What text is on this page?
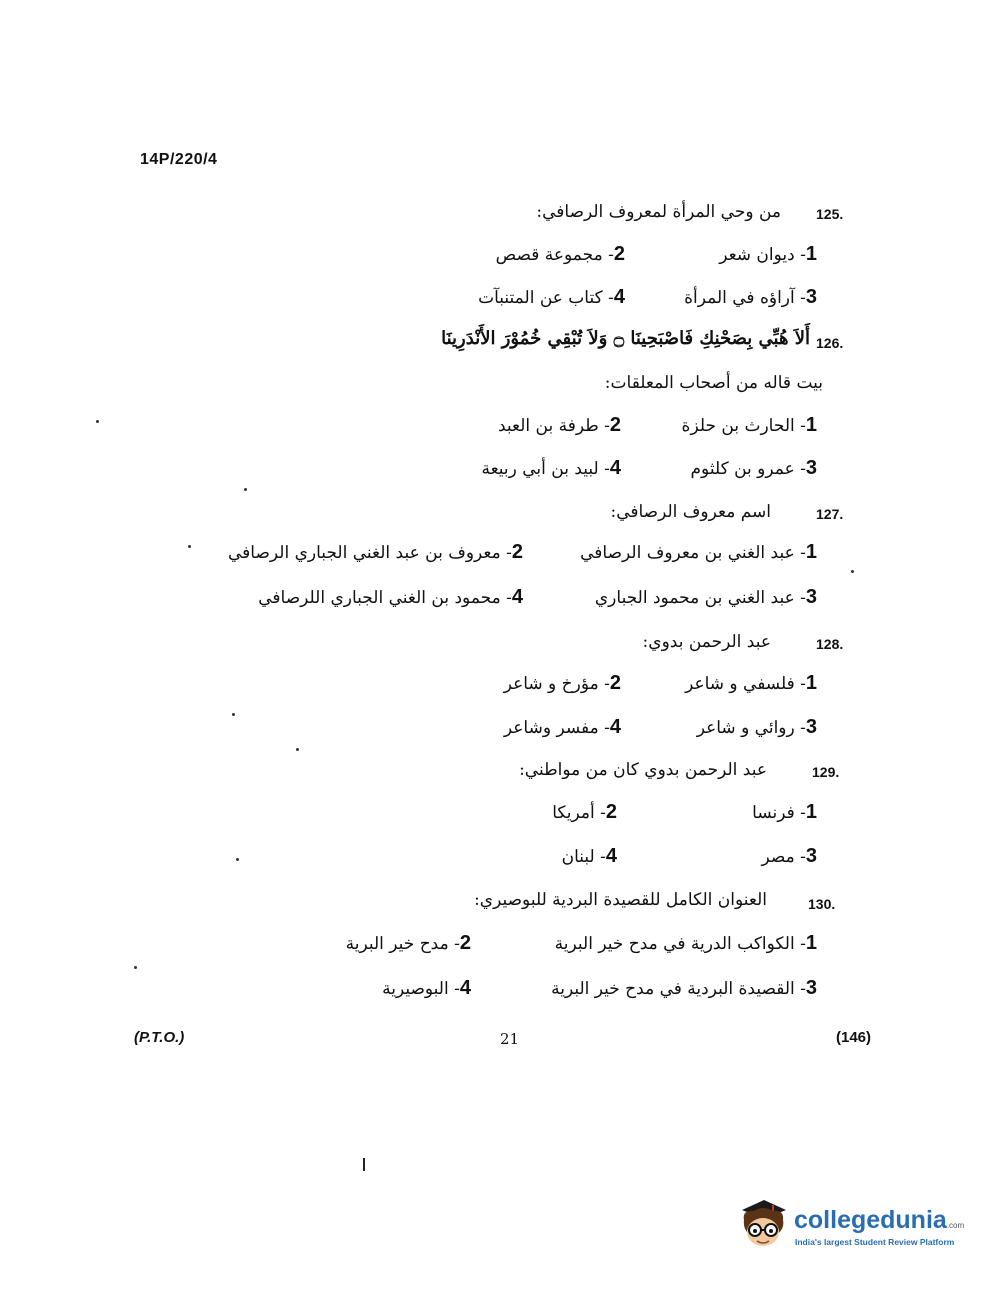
14P/220/4
125.
من وحي المرأة لمعروف الرصافي:
1- ديوان شعر
2- مجموعة قصص
3- آراؤه في المرأة
4- كتاب عن المتنبآت
126.
أَلاَ هُبِّي بِصَحْنِكِ فَاصْبَحِينَا ۝ وَلاَ تُبْقِي خُمُوْرَ الأَنْدَرِينَا
بيت قاله من أصحاب المعلقات:
1- الحارث بن حلزة
2- طرفة بن العبد
3- عمرو بن كلثوم
4- لبيد بن أبي ربيعة
127.
اسم معروف الرصافي:
1- عبد الغني بن معروف الرصافي
2- معروف بن عبد الغني الجباري الرصافي
3- عبد الغني بن محمود الجباري
4- محمود بن الغني الجباري اللرصافي
128.
عبد الرحمن بدوي:
1- فلسفي و شاعر
2- مؤرخ و شاعر
3- روائي و شاعر
4- مفسر وشاعر
129.
عبد الرحمن بدوي كان من مواطني:
1- فرنسا
2- أمريكا
3- مصر
4- لبنان
130.
العنوان الكامل للقصيدة البردية للبوصيري:
1- الكواكب الدرية في مدح خير البرية
2- مدح خير البرية
3- القصيدة البردية في مدح خير البرية
4- البوصيرية
(P.T.O.)	21	(146)
collegedunia.com
India's largest Student Review Platform
